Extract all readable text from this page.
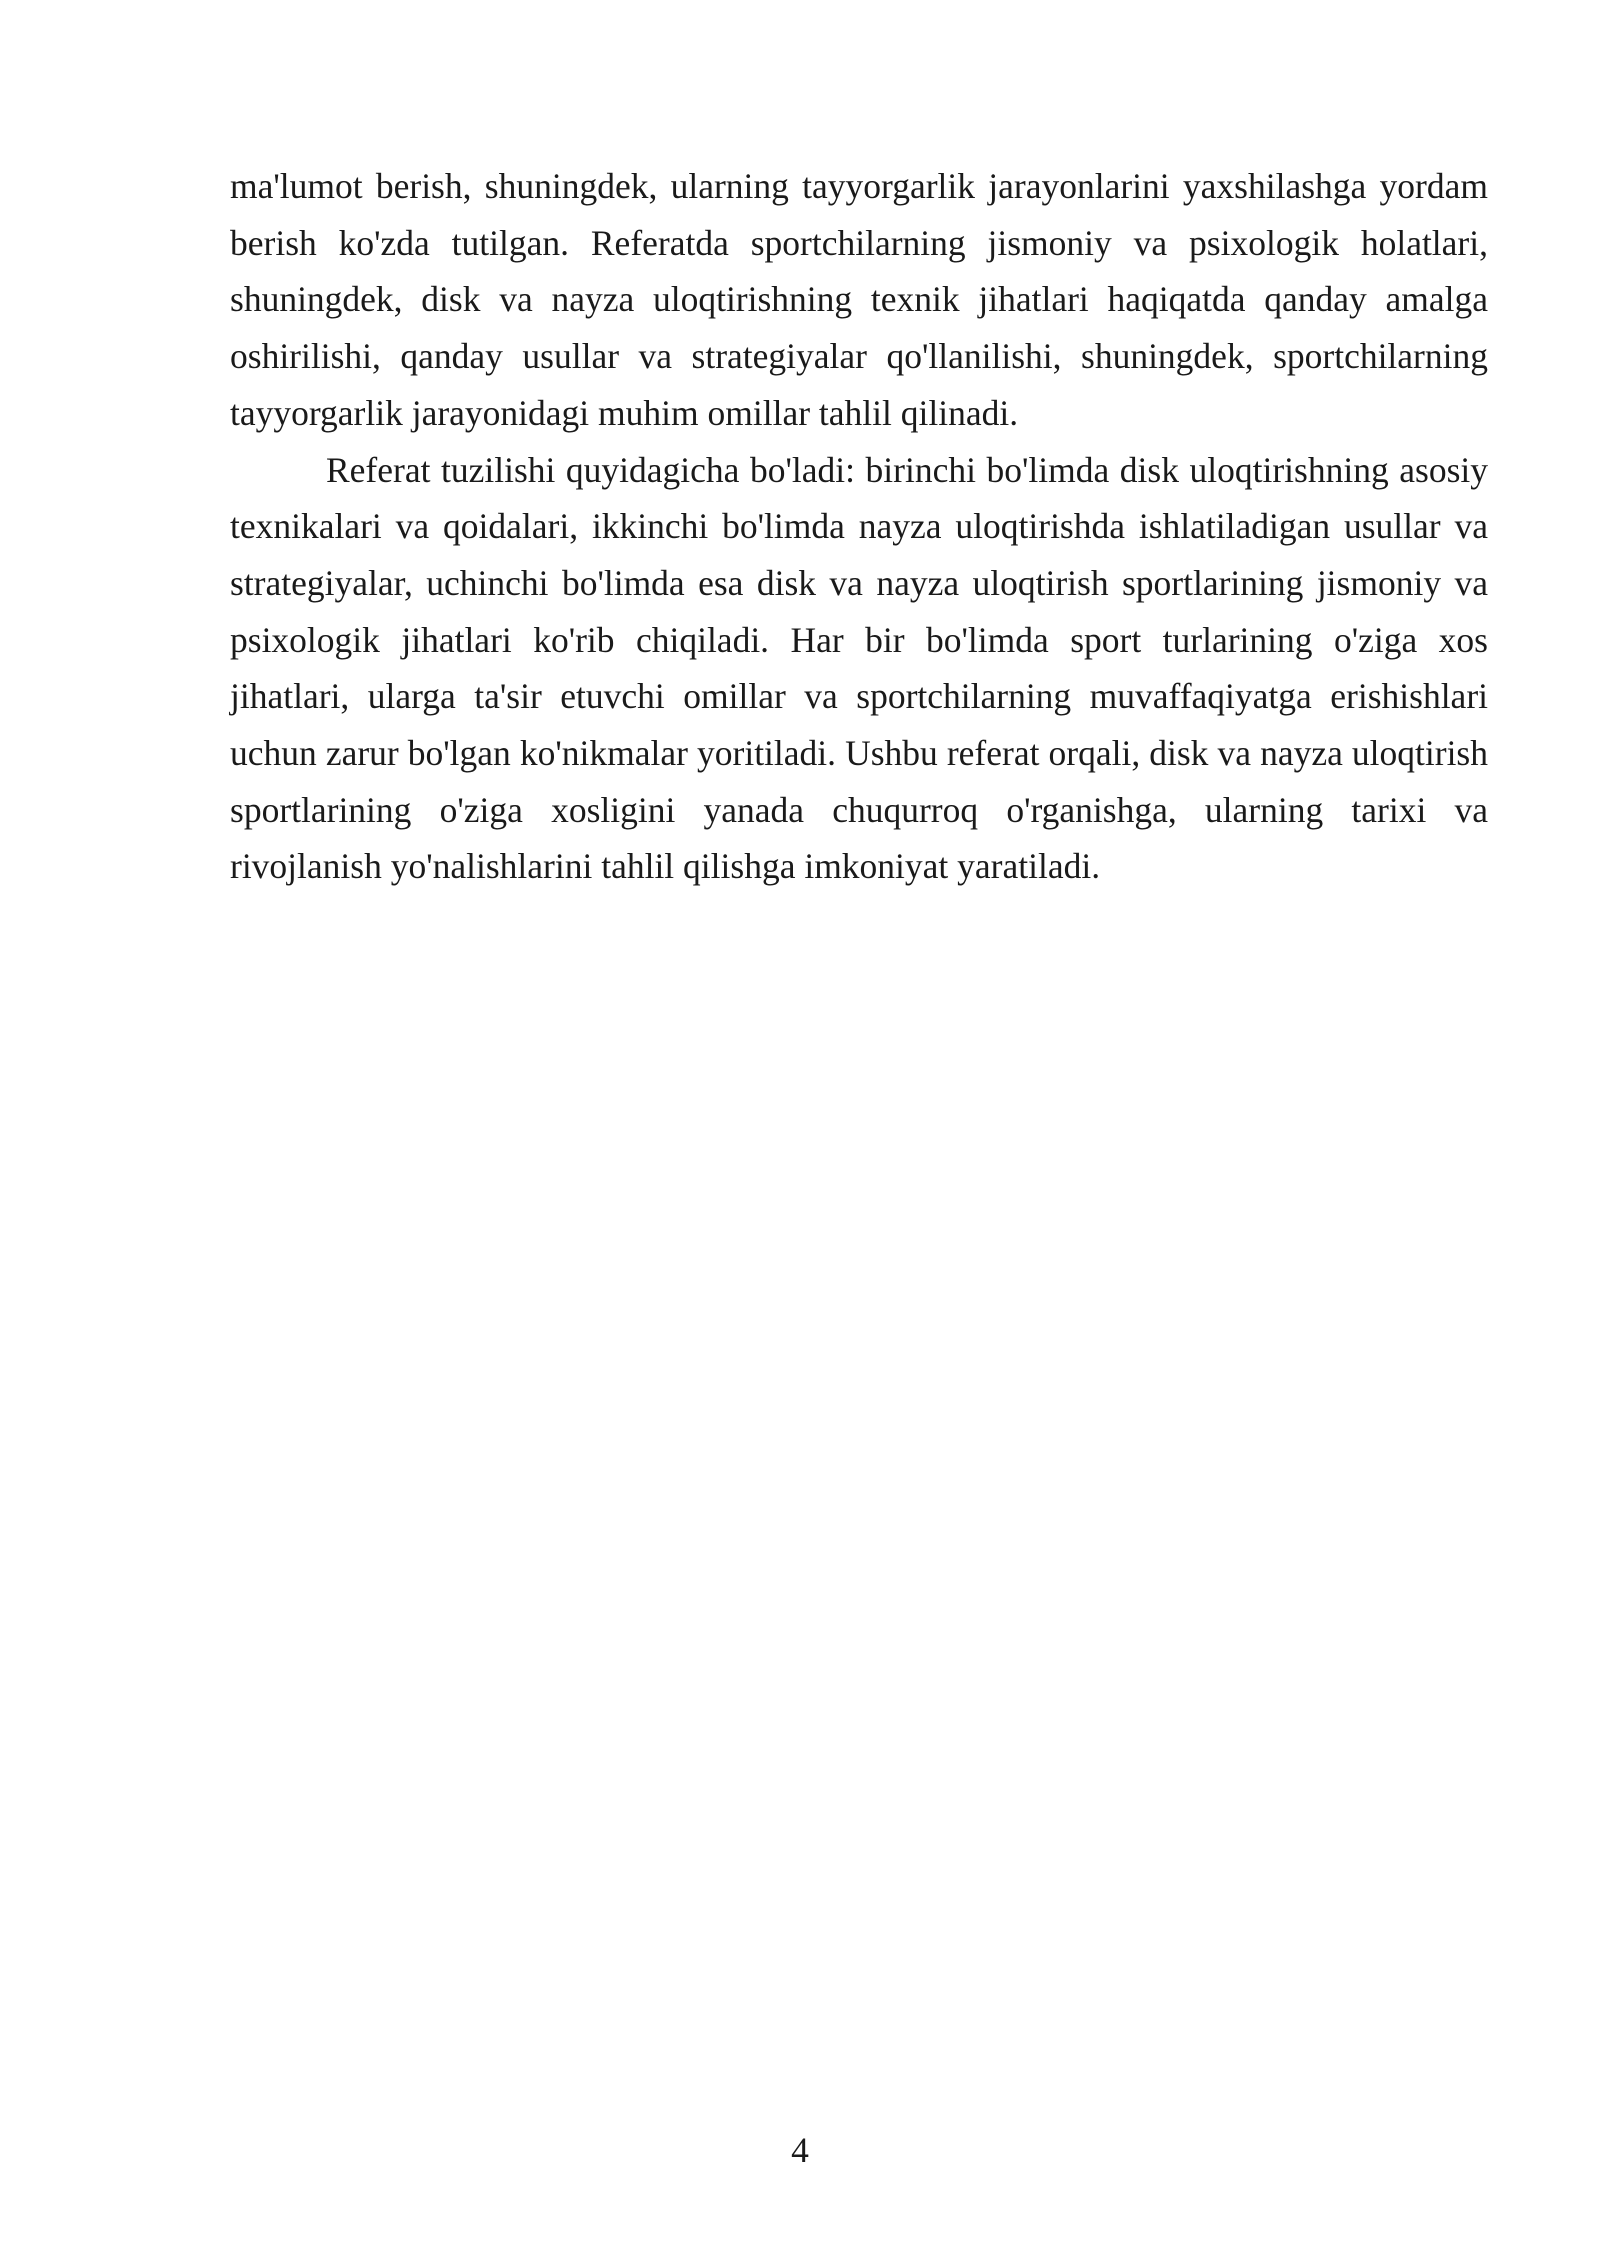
ma'lumot berish, shuningdek, ularning tayyorgarlik jarayonlarini yaxshilashga yordam berish ko'zda tutilgan. Referatda sportchilarning jismoniy va psixologik holatlari, shuningdek, disk va nayza uloqtirishning texnik jihatlari haqiqatda qanday amalga oshirilishi, qanday usullar va strategiyalar qo'llanilishi, shuningdek, sportchilarning tayyorgarlik jarayonidagi muhim omillar tahlil qilinadi.

Referat tuzilishi quyidagicha bo'ladi: birinchi bo'limda disk uloqtirishning asosiy texnikalari va qoidalari, ikkinchi bo'limda nayza uloqtirishda ishlatiladigan usullar va strategiyalar, uchinchi bo'limda esa disk va nayza uloqtirish sportlarining jismoniy va psixologik jihatlari ko'rib chiqiladi. Har bir bo'limda sport turlarining o'ziga xos jihatlari, ularga ta'sir etuvchi omillar va sportchilarning muvaffaqiyatga erishishlari uchun zarur bo'lgan ko'nikmalar yoritiladi. Ushbu referat orqali, disk va nayza uloqtirish sportlarining o'ziga xosligini yanada chuqurroq o'rganishga, ularning tarixi va rivojlanish yo'nalishlarini tahlil qilishga imkoniyat yaratiladi.

4
